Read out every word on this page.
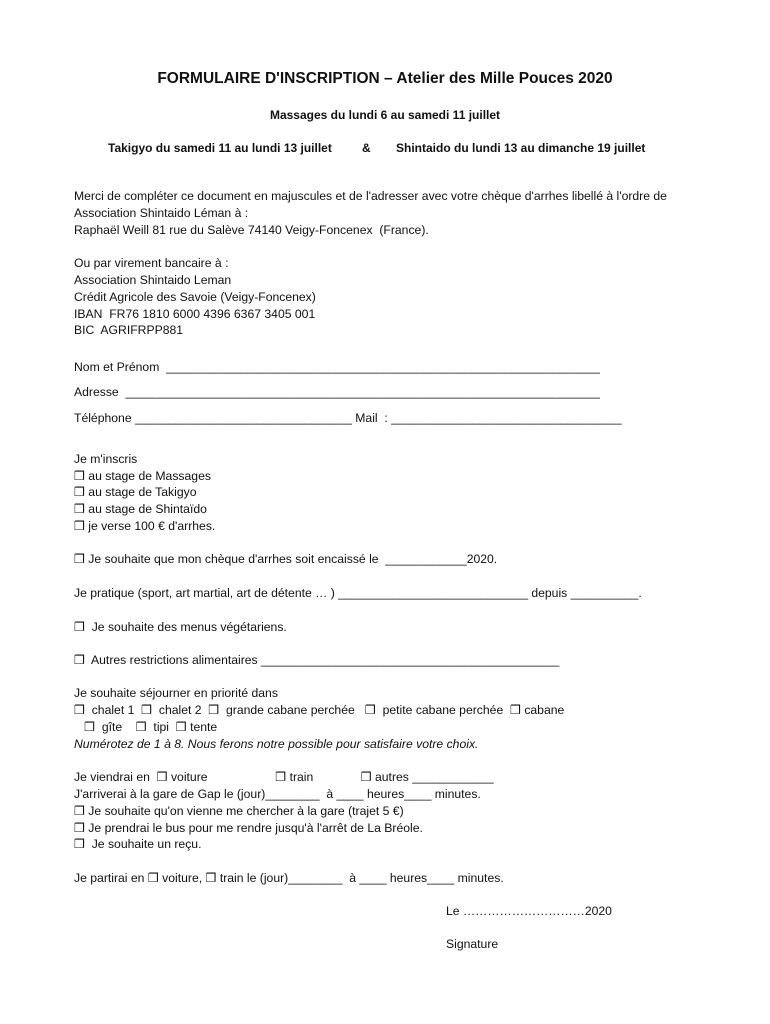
FORMULAIRE D'INSCRIPTION – Atelier des Mille Pouces 2020
Massages du lundi 6 au samedi 11 juillet
Takigyo du samedi 11 au lundi 13 juillet	& Shintaido du lundi 13 au dimanche 19 juillet
Merci de compléter ce document en majuscules et de l'adresser avec votre chèque d'arrhes libellé à l'ordre de
Association Shintaido Léman à :
Raphaël Weill 81 rue du Salève 74140 Veigy-Foncenex  (France).
Ou par virement bancaire à :
Association Shintaido Leman
Crédit Agricole des Savoie (Veigy-Foncenex)
IBAN  FR76 1810 6000 4396 6367 3405 001
BIC  AGRIFRPP881
Nom et Prénom  ________________________________________________________________
Adresse  ______________________________________________________________________
Téléphone ________________________________ Mail  : __________________________________
Je m'inscris
❒ au stage de Massages
❒ au stage de Takigyo
❒ au stage de Shintaïdo
❒ je verse 100 € d'arrhes.
❒ Je souhaite que mon chèque d'arrhes soit encaissé le  ____________2020.
Je pratique (sport, art martial, art de détente … ) ____________________________ depuis __________.
❒  Je souhaite des menus végétariens.
❒  Autres restrictions alimentaires ____________________________________________
Je souhaite séjourner en priorité dans
❒  chalet 1  ❒  chalet 2  ❒  grande cabane perchée   ❒  petite cabane perchée  ❒ cabane
❒  gîte    ❒  tipi  ❒ tente
Numérotez de 1 à 8. Nous ferons notre possible pour satisfaire votre choix.
Je viendrai en  ❒ voiture                    ❒ train              ❒ autres ____________
J'arriverai à la gare de Gap le (jour)________  à ____ heures____ minutes.
❒ Je souhaite qu'on vienne me chercher à la gare (trajet 5 €)
❒ Je prendrai le bus pour me rendre jusqu'à l'arrêt de La Bréole.
❒  Je souhaite un reçu.
Je partirai en ❒ voiture, ❒ train le (jour)________  à ____ heures____ minutes.
Le …………………………2020
Signature
